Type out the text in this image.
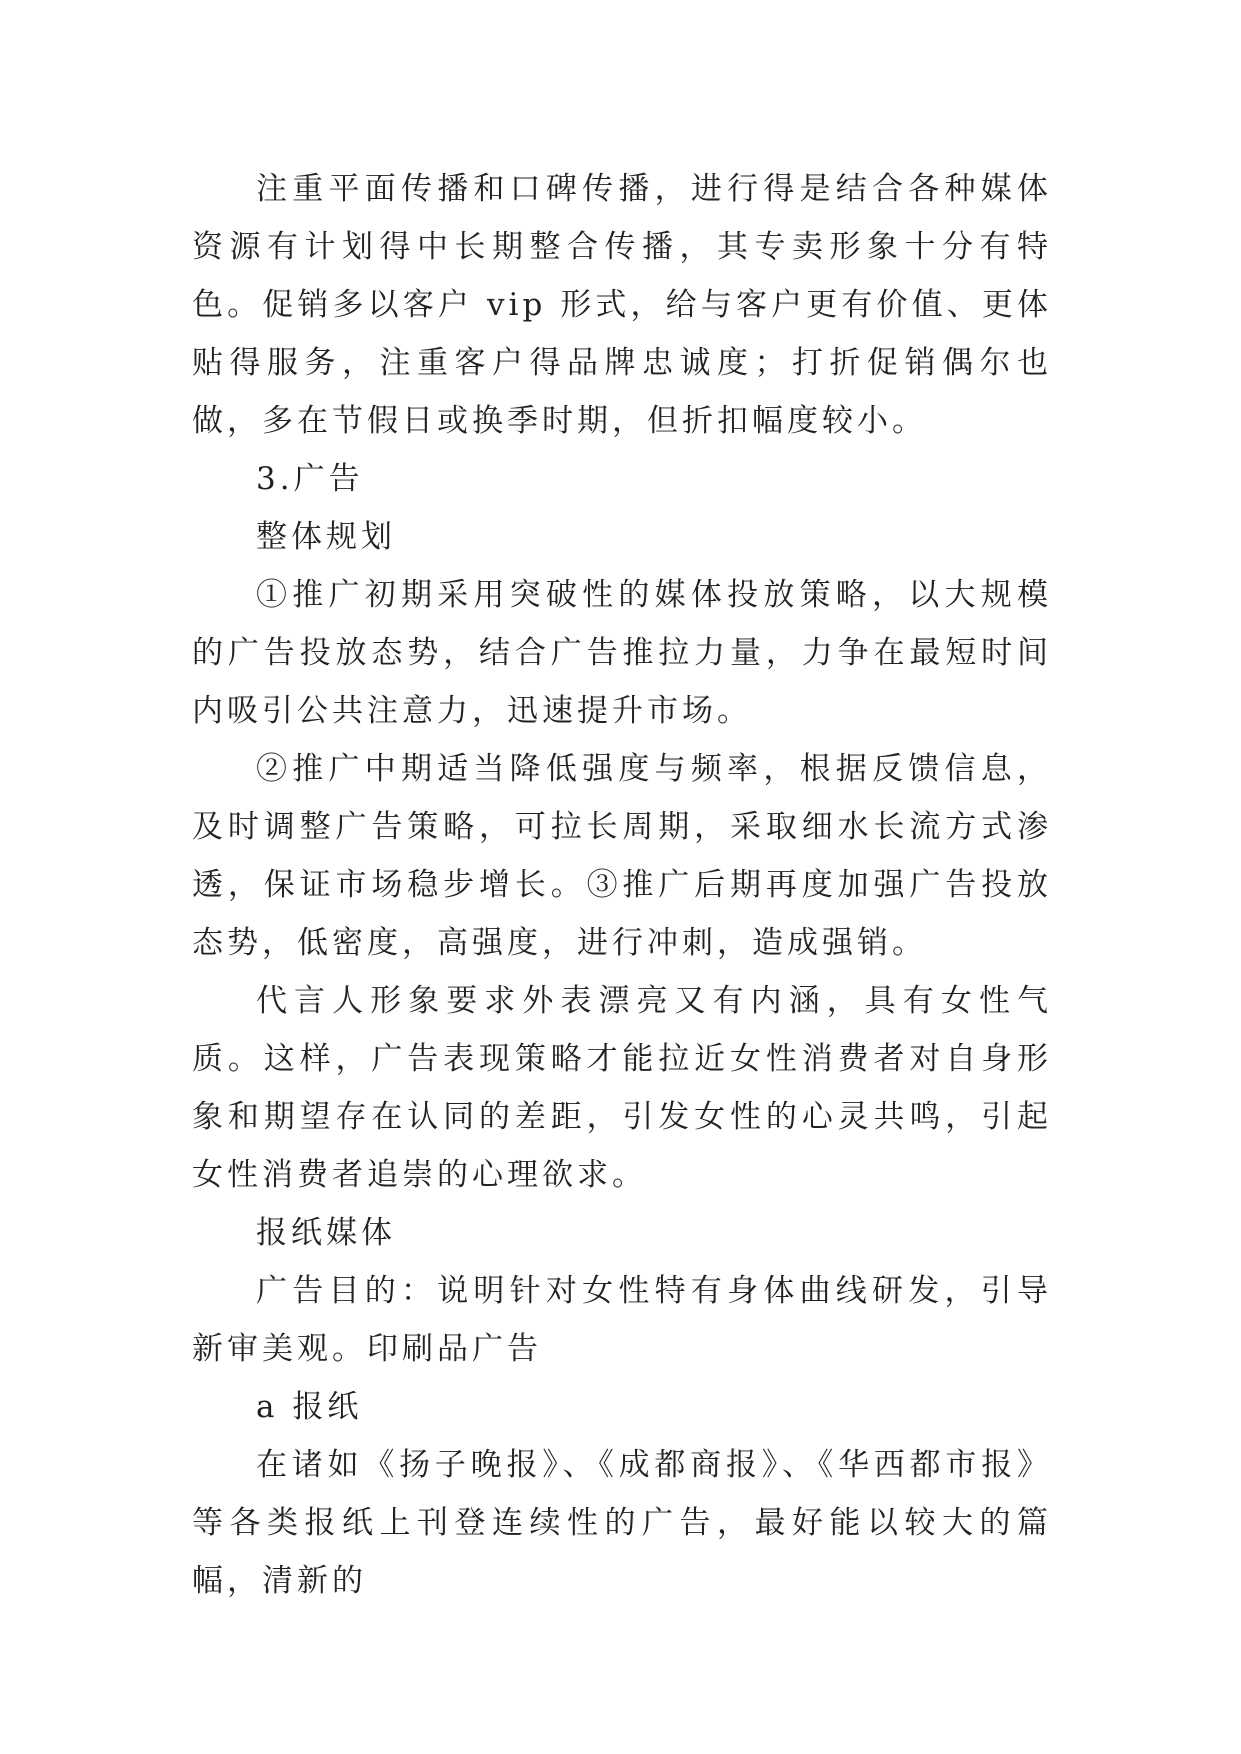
注重平面传播和口碑传播，进行得是结合各种媒体资源有计划得中长期整合传播，其专卖形象十分有特色。促销多以客户 vip 形式，给与客户更有价值、更体贴得服务，注重客户得品牌忠诚度；打折促销偶尔也做，多在节假日或换季时期，但折扣幅度较小。

3.广告

整体规划

①推广初期采用突破性的媒体投放策略，以大规模的广告投放态势，结合广告推拉力量，力争在最短时间内吸引公共注意力，迅速提升市场。

②推广中期适当降低强度与频率，根据反馈信息，及时调整广告策略，可拉长周期，采取细水长流方式渗透，保证市场稳步增长。③推广后期再度加强广告投放态势，低密度，高强度，进行冲刺，造成强销。

代言人形象要求外表漂亮又有内涵，具有女性气质。这样，广告表现策略才能拉近女性消费者对自身形象和期望存在认同的差距，引发女性的心灵共鸣，引起女性消费者追崇的心理欲求。

报纸媒体

广告目的：说明针对女性特有身体曲线研发，引导新审美观。印刷品广告

a 报纸

在诸如《扬子晚报》、《成都商报》、《华西都市报》等各类报纸上刊登连续性的广告，最好能以较大的篇幅，清新的
